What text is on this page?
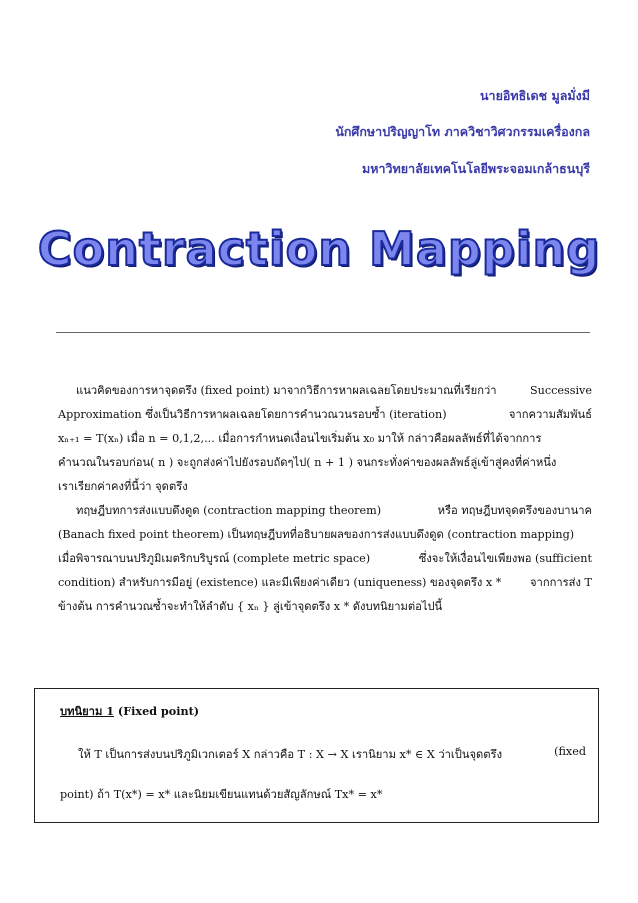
นายอิทธิเดช มูลมั่งมี
นักศึกษาปริญญาโท ภาควิชาวิศวกรรมเครื่องกล
มหาวิทยาลัยเทคโนโลยีพระจอมเกล้าธนบุรี
Contraction Mapping
แนวคิดของการหาจุดตรึง (fixed point) มาจากวิธีการหาผลเฉลยโดยประมาณที่เรียกว่า	Successive
Approximation ซึ่งเป็นวิธีการหาผลเฉลยโดยการคำนวณวนรอบซ้ำ (iteration)	จากความสัมพันธ์
xₙ₊₁ = T(xₙ) เมื่อ n = 0,1,2,... เมื่อการกำหนดเงื่อนไขเริ่มต้น x₀ มาให้ กล่าวคือผลลัพธ์ที่ได้จากการ
คำนวณในรอบก่อน( n ) จะถูกส่งค่าไปยังรอบถัดๆไป( n + 1 ) จนกระทั่งค่าของผลลัพธ์ลู่เข้าสู่คงที่ค่าหนึ่ง
เราเรียกค่าคงที่นี้ว่า จุดตรึง
ทฤษฎีบทการส่งแบบดึงดูด (contraction mapping theorem)	หรือ ทฤษฎีบทจุดตรึงของบานาค
(Banach fixed point theorem) เป็นทฤษฎีบทที่อธิบายผลของการส่งแบบดึงดูด (contraction mapping)
เมื่อพิจารณาบนปริภูมิเมตริกบริบูรณ์ (complete metric space)	ซึ่งจะให้เงื่อนไขเพียงพอ (sufficient
condition) สำหรับการมีอยู่ (existence) และมีเพียงค่าเดียว (uniqueness) ของจุดตรึง x *	จากการส่ง T
ข้างต้น การคำนวณซ้ำจะทำให้ลำดับ { xₙ } ลู่เข้าจุดตรึง x * ดังบทนิยามต่อไปนี้
บทนิยาม 1 (Fixed point)
ให้ T เป็นการส่งบนปริภูมิเวกเตอร์ X กล่าวคือ T : X → X เรานิยาม x* ∈ X ว่าเป็นจุดตรึง	(fixed
point) ถ้า T(x*) = x* และนิยมเขียนแทนด้วยสัญลักษณ์ Tx* = x*
